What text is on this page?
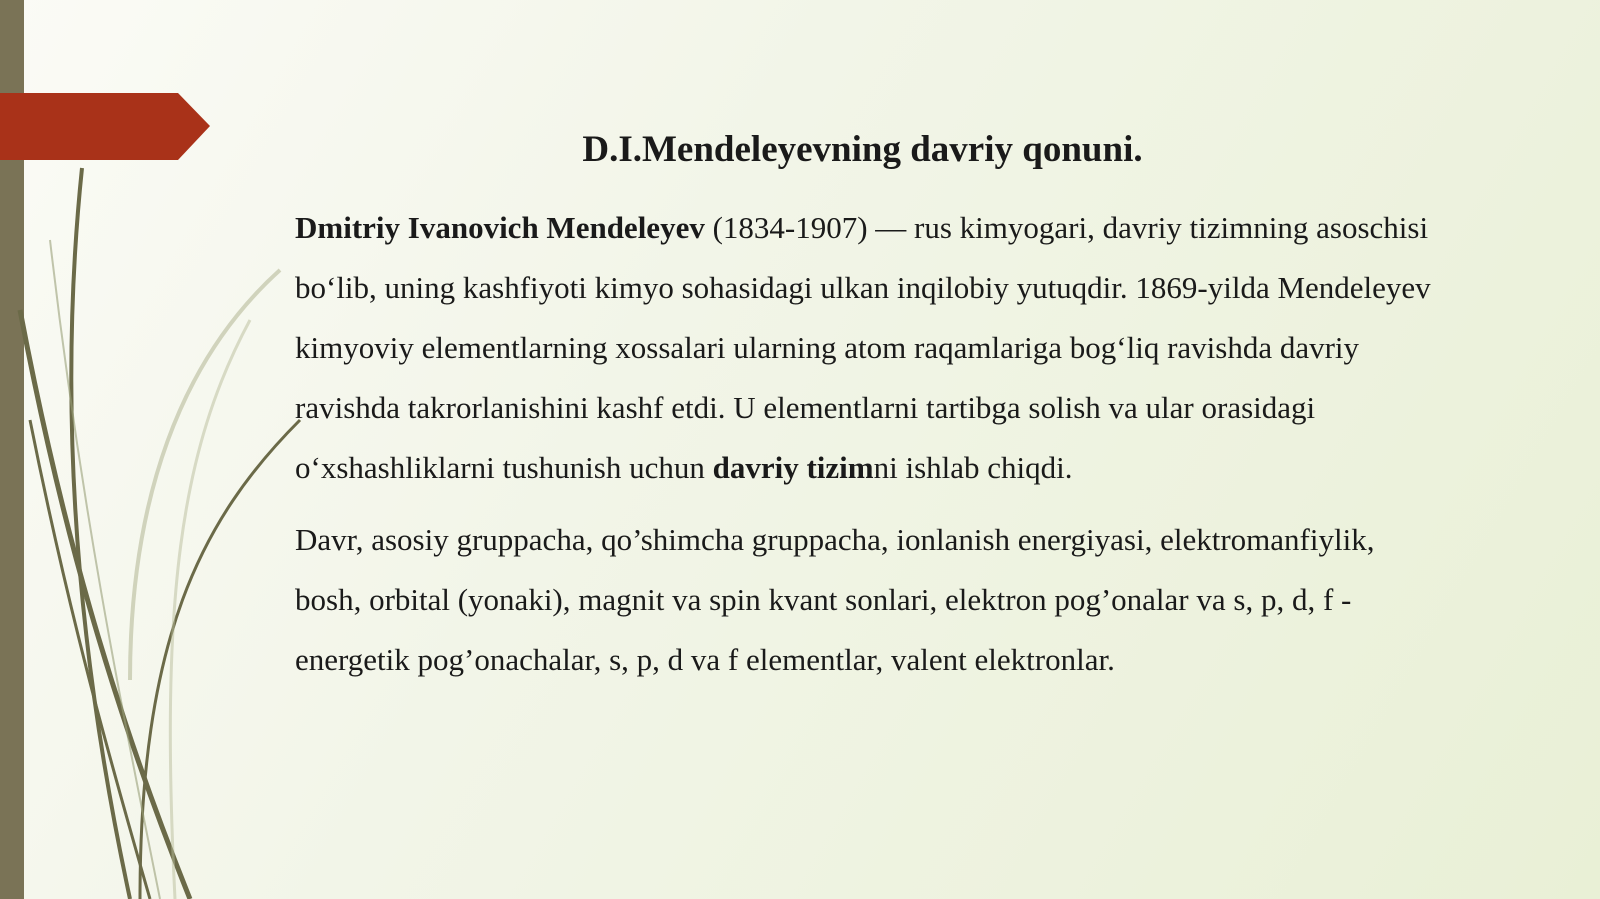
D.I.Mendeleyevning davriy qonuni.

Dmitriy Ivanovich Mendeleyev (1834-1907) — rus kimyogari, davriy tizimning asoschisi bo‘lib, uning kashfiyoti kimyo sohasidagi ulkan inqilobiy yutuqdir. 1869-yilda Mendeleyev kimyoviy elementlarning xossalari ularning atom raqamlariga bog‘liq ravishda davriy ravishda takrorlanishini kashf etdi. U elementlarni tartibga solish va ular orasidagi o‘xshashliklarni tushunish uchun davriy tizimni ishlab chiqdi.

Davr, asosiy gruppacha, qo’shimcha gruppacha, ionlanish energiyasi, elektromanfiylik, bosh, orbital (yonaki), magnit va spin kvant sonlari, elektron pog’onalar va s, p, d, f - energetik pog’onachalar, s, p, d va f elementlar, valent elektronlar.
